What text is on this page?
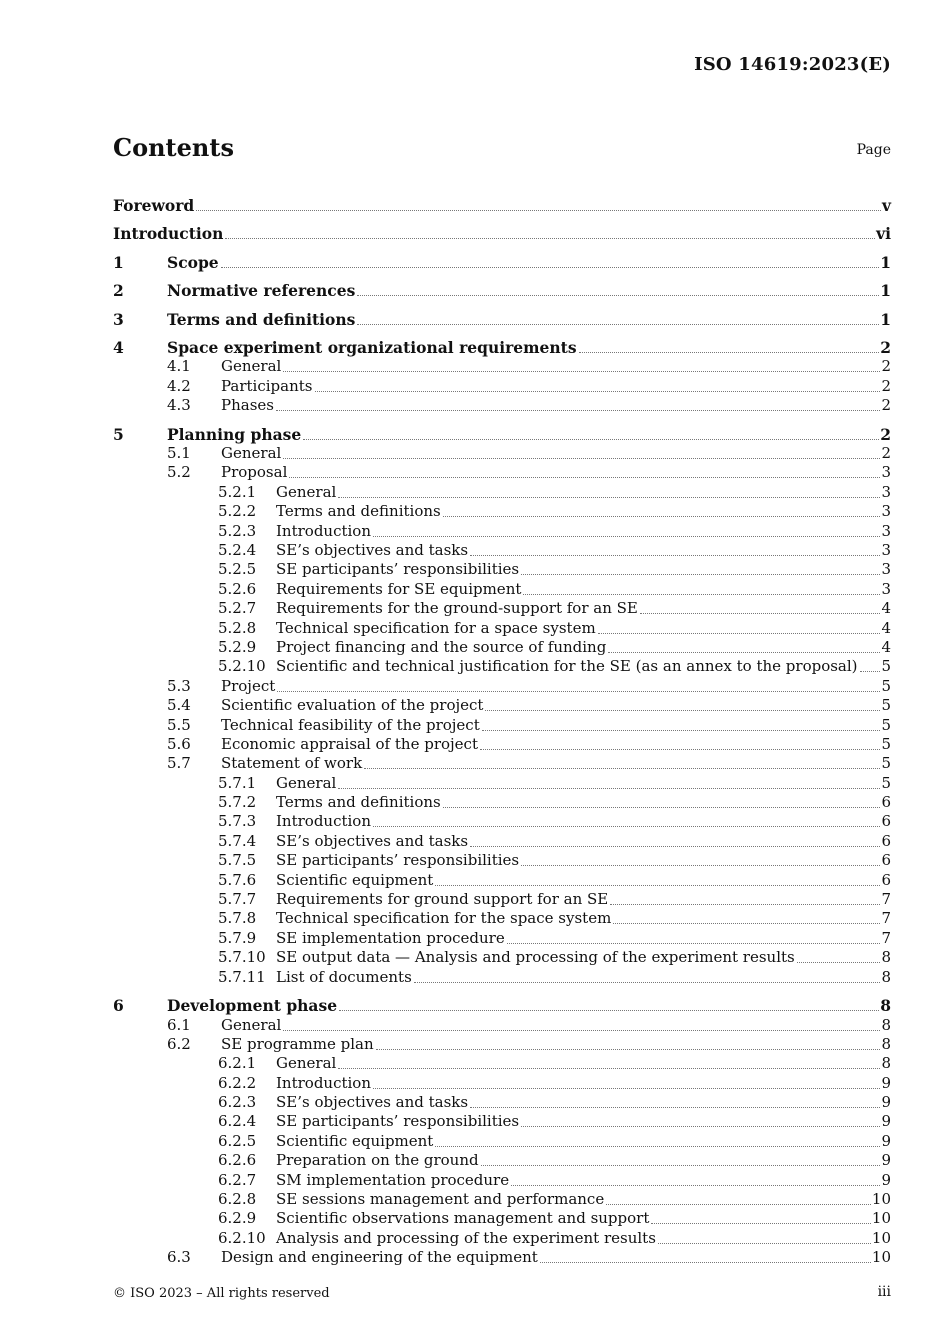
ISO 14619:2023(E)
Contents	Page
Foreword	v
Introduction	vi
1	Scope	1
2	Normative references	1
3	Terms and definitions	1
4	Space experiment organizational requirements	2
4.1	General	2
4.2	Participants	2
4.3	Phases	2
5	Planning phase	2
5.1	General	2
5.2	Proposal	3
5.2.1	General	3
5.2.2	Terms and definitions	3
5.2.3	Introduction	3
5.2.4	SE’s objectives and tasks	3
5.2.5	SE participants’ responsibilities	3
5.2.6	Requirements for SE equipment	3
5.2.7	Requirements for the ground-support for an SE	4
5.2.8	Technical specification for a space system	4
5.2.9	Project financing and the source of funding	4
5.2.10 Scientific and technical justification for the SE (as an annex to the proposal) 5
5.3	Project	5
5.4	Scientific evaluation of the project	5
5.5	Technical feasibility of the project	5
5.6	Economic appraisal of the project	5
5.7	Statement of work	5
5.7.1	General	5
5.7.2	Terms and definitions	6
5.7.3	Introduction	6
5.7.4	SE’s objectives and tasks	6
5.7.5	SE participants’ responsibilities	6
5.7.6	Scientific equipment	6
5.7.7	Requirements for ground support for an SE	7
5.7.8	Technical specification for the space system	7
5.7.9	SE implementation procedure	7
5.7.10 SE output data — Analysis and processing of the experiment results	8
5.7.11 List of documents	8
6	Development phase	8
6.1	General	8
6.2	SE programme plan	8
6.2.1	General	8
6.2.2	Introduction	9
6.2.3	SE’s objectives and tasks	9
6.2.4	SE participants’ responsibilities	9
6.2.5	Scientific equipment	9
6.2.6	Preparation on the ground	9
6.2.7	SM implementation procedure	9
6.2.8	SE sessions management and performance	10
6.2.9	Scientific observations management and support	10
6.2.10 Analysis and processing of the experiment results	10
6.3	Design and engineering of the equipment	10
© ISO 2023 – All rights reserved	iii
